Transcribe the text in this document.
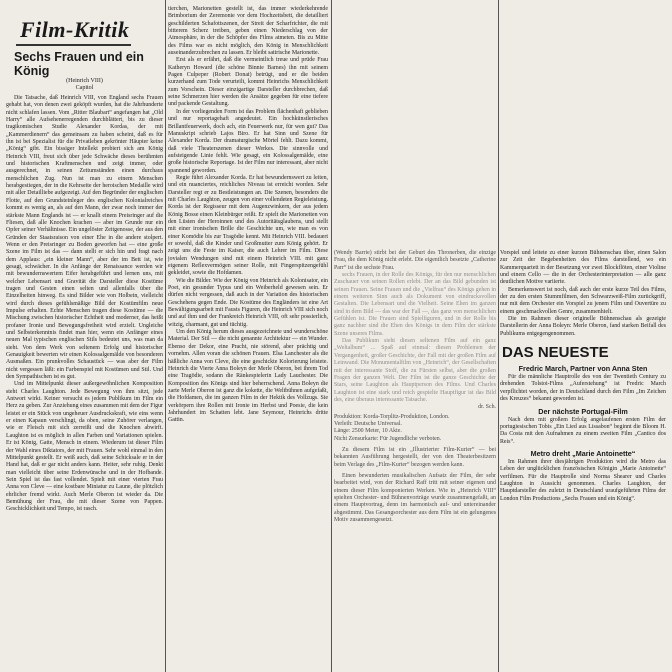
Film-Kritik
Sechs Frauen und ein König
(Heinrich VIII)
Capitol

Die Tatsache, daß Heinrich VIII, von England sechs Frauen gehabt hat, von denen zwei geköpft wurden, hat die Jahrhunderte nicht schlafen lassen. Vom „Ritter Blaubart“ angefangen hat „Old Harry“ alle Aufsehenerregenden durchblättert, bis zu dieser tragikomischen Studie Alexander Kordas, der mit „Kammerdienern“ das gemeinsam zu haben scheint, daß es für ihn ist bei Spezialist für die Privatleben gekrönter Häupter keine „König“ gibt. Ein bissiger Intellekt probiert sich am König Heinrich VIII, freut sich über jede Schwäche dieses berühmten und historischen Kraftmenschen und zeigt immer, oder ausgerechnet, in seinen Zeitumständen einen durchaus menschlichen Zug. Nun ist man zu einem Menschen herabgestiegen, der in die Kehrseite der heroischen Medaille wird mit aller Detailliebe aufgezeigt. Auf den Begründer der englischen Flotte, auf den Grundsteinleger des englischen Kolonialreiches kommt es wenig an, als auf den Mann, der zwar noch immer der stärkste Mann Englands ist — er knallt einem Preisringer auf die Fliesen, daß alle Knochen krachen — aber im Grunde nur ein Opfer seiner Verhältnisse. Ein ungelöster Zeitgenosse, der aus den Gründen der Staatsraison von einer Ehe in die andere stolpert. Wenn er den Preisringer zu Boden geworfen hat — eine große Szene im Film ist das — dann stellt er sich hin und fragt nach dem Applaus: „ein kleiner Mann“, aber der im Bett ist, wie gesagt, schwächer. In die Anfänge der Renaissance werden wir mit bewundernswertem Eifer herabgeführt und lernen uns, mit welcher Lebensart und Gravität die Darsteller diese Kostüme tragen und Gesten einen selten und allenfalls über die Einzelheiten hinweg. Es sind Bilder wie von Holbein, vielleicht wird durch dieses gefühlsmäßige Bild der Kostümfilm neue Impulse erhalten. Echte Menschen tragen diese Kostüme — die Mischung zwischen historischer Echtheit und moderner, das heißt profaner Ironie und Bewegungsfreiheit wird erzielt. Ungleiche und Selbsterkenntnis findet man hier, wenn ein Anfänger eines neuen Mal typischen englischen Stils bedeutet uns, was man da sieht. Von dem Werk von seltenem Erfolg und historischer Genauigkeit bewerten wir einen Kolossalgemälde von besonderen Ausmaßen. Ein prunkvolles Schaustück — was aber der Film nicht vergessen läßt: ein Farbenspiel mit Kostümen und Stil. Und den Sympathischen ist es gut.

Und im Mittelpunkt dieser außergewöhnlichen Komposition steht Charles Laughton. Jede Bewegung von ihm sitzt, jede Antwort wirkt. Keiner versucht es jedem Publikum im Film ein Herz zu geben. Zur Anziehung eines zusammen mit dem der Figur leistet er ein Stück von ungeheuer Ausdruckskraft, wie eins wenn er einen Kapaun verschlingt, da oben, seine Zuhörer verlangen, wie er Fleisch mit sich zerreißt und die Knochen abwirft. Laughton ist es möglich in allen Farben und Variationen spielen. Er ist König, Gatte, Mensch in einem. Wiederum ist dieser Film der Wahl eines Diktators, der mit Frauen. Sehr wohl einmal in den Mittelpunkt gestellt. Er weiß auch, daß seine Schicksale er in der Hand hat, daß er gar nicht anders kann. Heiter, sehr ruhig. Denkt man vielleicht über seine Erdenwünsche und in der Hofbande. Sein Spiel ist das fast vollendet. Spielt mit einer vierten Frau Anna von Cleve — eine kostbare Miniatur zu Laune, die plötzlich ehrlicher fremd wirkt. Auch Merle Oberon ist wieder da. Die Bemühung der Frau, die mit dieser Szene von Pappen. Geschicklichkeit und Tempo, ist rasch.

tierchen, Marionetten gestellt ist, das immer wiederkehrende Brimborium der Zeremonie vor dem Hochzeitsbett, die detailliert geschilderten Schafottszenen, der Streit der Scharfrichter, die mit bitterem Scherz treiben, geben einen Niederschlag von der Atmosphäre, in der die Schöpfer des Films atmeten. Bis zu Mitte des Films war es nicht möglich, den König in Menschlichkeit auseinanderzubrechen zu lassen. Er bleibt satirische Marionette.

Erst als er erfährt, daß die vermeintlich treue und prüde Frau Katheryn Howard (die schöne Binnie Barnes) ihn mit seinem Pagen Culpeper (Robert Donat) betrügt, und er die beiden kurzerhand zum Tode verurteilt, kommt Heinrichs Menschlichkeit zum Vorschein. Dieser einzigartige Darsteller durchbrechen, daß seine Schmerzen hier werden die Ansätze gegeben für eine tiefere und packende Gestaltung.

In der vorliegenden Form ist das Problem flächenhaft geblieben und nur reportagehaft angedeutet. Ein hochkünstlerisches Brillantfeuerwerk, doch ach, ein Feuerwerk nur, für wen gut? Das Manuskript schrieb Lajos Biro. Er hat Sinn und Szene für Alexander Korda. Der dramaturgische Mörtel fehlt. Dazu kommt, daß viele Theaterszenen dieser Werkes. Die sinnvolle und aufsteigende Linie fehlt. Wie gesagt, ein Kolossalgemälde, eine große historische Reportage. Ist der Film nur interessant, aber nicht spannend geworden.

Regie führt Alexander Korda. Er hat bewundernswert zu leiten, und ein nuanciertes, reichliches Niveau ist erreicht worden. Sehr Darsteller regt er zu Bestleistungen an. Die Szenen, besonders die mit Charles Laughton, zeugen von einer vollendeten Regieleistung. Korda ist der Regisseur mit dem Augenzwinkern, der aus jedem König Bosse einen Kleinbürger reißt. Er spielt die Marionetten von den Lüsten der Heroinnen und des Autoritätsglaubens, und stellt mit einer ironischen Brille die Geschichte um, wie man es von einer Komödie bis zur Tragödie kennt. Mit Heinrich VIII. bedauert er sowohl, daß die Kinder und Großmutter zum König gehört. Er zeigt uns die Feste im Kaiser, die auch Lehrer im Film. Diese jovialen Wendungen sind mit einem Heinrich VIII. mit ganz eigenem Reflexvermögen seiner Rolle, mit Fingerspitzengefühl gekleidet, sowie die Hofdamen.

Wie die Bilder. Wie der König von Heinrich als Kolonisator, ein Poet, ein gesunder Typus und ein Weiberheld gewesen sein. Er dürfen nicht vergessen, daß auch in der Variation des historischen Geschehens gegen Ende. Die Kostüme des Engländers ist eine Art Bewältigungsarbeit mit Fausts Figuren, die Heinrich VIII sich noch und auf ihm und der Frankreich Heinrich VIII, oft sehr possierlich, witzig, charmant, gut und tüchtig.

Um den König herum dieses ausgezeichnete und wunderschöne Material. Der Stil — die nicht genannte Architektur — ein Wunder. Ebenso der Dekor, eine Pracht, nie störend, aber prächtig und vornehm. Allen voran die schönen Frauen. Elsa Lanchester als die häßliche Anna von Cleve, die eine geschickte Kolorierung leistete. Heinrich die Vierte Anna Boleyn der Merle Oberon, bei ihrem Tod eine Tragödie, sodann die Ränkespielerin Lady Lauchester. Die Komposition des Königs sind hier beherrschend. Anna Boleyn die zarte Merle Oberon ist ganz die kokette, die Weltbühnen aufgefaßt, die Hofdamen, die im ganzen Film in der Hektik des Vollzugs. Sie verkörpern ihre Rollen mit Ironie im Herbst und Poesie, die kein Jahrhundert im Schatten lebt. Jane Seymour, Heinrichs dritte Gattin.

(Wendy Barrie) stirbt bei der Geburt des Thronerben, die einzige Frau, die dem König nicht erlebt. Die eigentlich besetzte „Catherine Parr“ ist die sechste Frau.

sechs Frauen, in der Rolle des Königs, für den nur menschlichen Zuschauer von seinen Rollen erlebt. Der an das Bild gebunden ist seinen Frauen. Seine Frauen und die „Vielfrau“ des Königs gehen in einem weiteren Sinn auch als Dokument von eindrucksvollen Gestalten. Die Lebensart und die Vielheit. Seine Ehen im ganzen sind in dem Bild — das war der Fall —, das ganz von menschlichen Gefühlen ist. Die Frauen sind Spielfiguren, und in der Rolle bis ganz nachher sind die Ehen des Königs in dem Film der stärkste Szene unseres Films.

Das Publikum sieht diesen seltenen Film auf ein ganz „Weltalbum“ ... Spaß auf einmal: diesen Problemen der Vergangenheit, großer Geschichte, der Fall mit der großen Film auf Leinwand. Die Monumentalfilm von „Heinrich“, der Gesellschaften mit der interessante Stoff, die zu Fürsten selbst, aber die großen Fragen der ganzen Welt. Der Film ist die ganze Geschichte der Stars, seine Laughton als Hauptperson des Films. Und Charles Laughton ist eine stark und reich gespielte Hauptfigur ist das Bild des, eine überaus interessante Tatsache.

dr. Sch.
Produktion: Korda-Torplitz-Produktion, London.
Verleih: Deutsche Universal.
Länge: 2500 Meter, 10 Akte.
Nicht Zensurkarte: Für Jugendliche verboten.

Zu diesem Film ist ein „Illustrierter Film-Kurier“ — bei bekannten Ausführung hergestellt, der von den Theaterbesitzern beim Verlage des „Film-Kurier“ bezogen werden kann.

Einen bewunderten musikalischen Aufsatz der Film, der sehr bearbeitet wird, von der Richard Raff tritt mit seiner eigenen und einem dieser Film komponierten Werken. Wie in „Heinrich VIII“ spielten Orchester- und Bühnenvorträge wurde zusammengefaßt, an einem Hauptvortrag, denn im harmonisch auf- und untereinander abgestimmt. Das Gesangsorchester aus dem Film ist ein gelungenes Motiv zusammengesetzt.

Vorspiel und leitete zu einer kurzen Bühnenschau über, einen Salon zur Zeit der Begebenheiten des Films darstellend, wo ein Kammerquartett in der Besetzung vor zwei Blockflöten, einer Violine und einem Cello — die in der Orchesterinterpretation — alle ganz deutlichen Motive variierte.

Bemerkenswert ist noch, daß auch der erste kurze Teil des Films, der zu den ersten Stummfilmen, den Schwarzweiß-Film zurückgriff, nur mit dem Orchester ein Vorspiel zu jenem Film und Ouvertüre zu einem geschmackvollen Genre, zusammenhielt.

Die im Rahmen dieser originelle Bühnenschau als gezeigte Darstellerin der Anna Boleyn: Merle Oberon, fand starken Beifall des Publikums entgegengenommen.

DAS NEUESTE
Fredric March, Partner von Anna Sten

Für die männliche Hauptrolle des von der Twentieth Century zu drehenden Tolstoi-Films „Auferstehung“ ist Fredric March verpflichtet worden, der in Deutschland durch den Film „Im Zeichen des Kreuzes“ bekannt geworden ist.

Der nächste Portugal-Film

Nach dem mit großem Erfolg angelaufenen ersten Film der portugiesischen Tobis „Ein Lied aus Lissabon“ beginnt die Bloom H. Da Costa mit den Aufnahmen zu einem zweiten Film „Cantico dos Reis“.

Metro dreht „Marie Antoinette“

Im Rahmen ihrer diesjährigen Produktion wird die Metro das Leben der unglücklichen französischen Königin „Marie Antoinette“ verfilmen. Für die Hauptrolle sind Norma Shearer und Charles Laughton in Aussicht genommen. Charles Laughton, der Hauptdarsteller des zuletzt in Deutschland uraufgeführten Films der London Film Productions „Sechs Frauen und ein König“.
